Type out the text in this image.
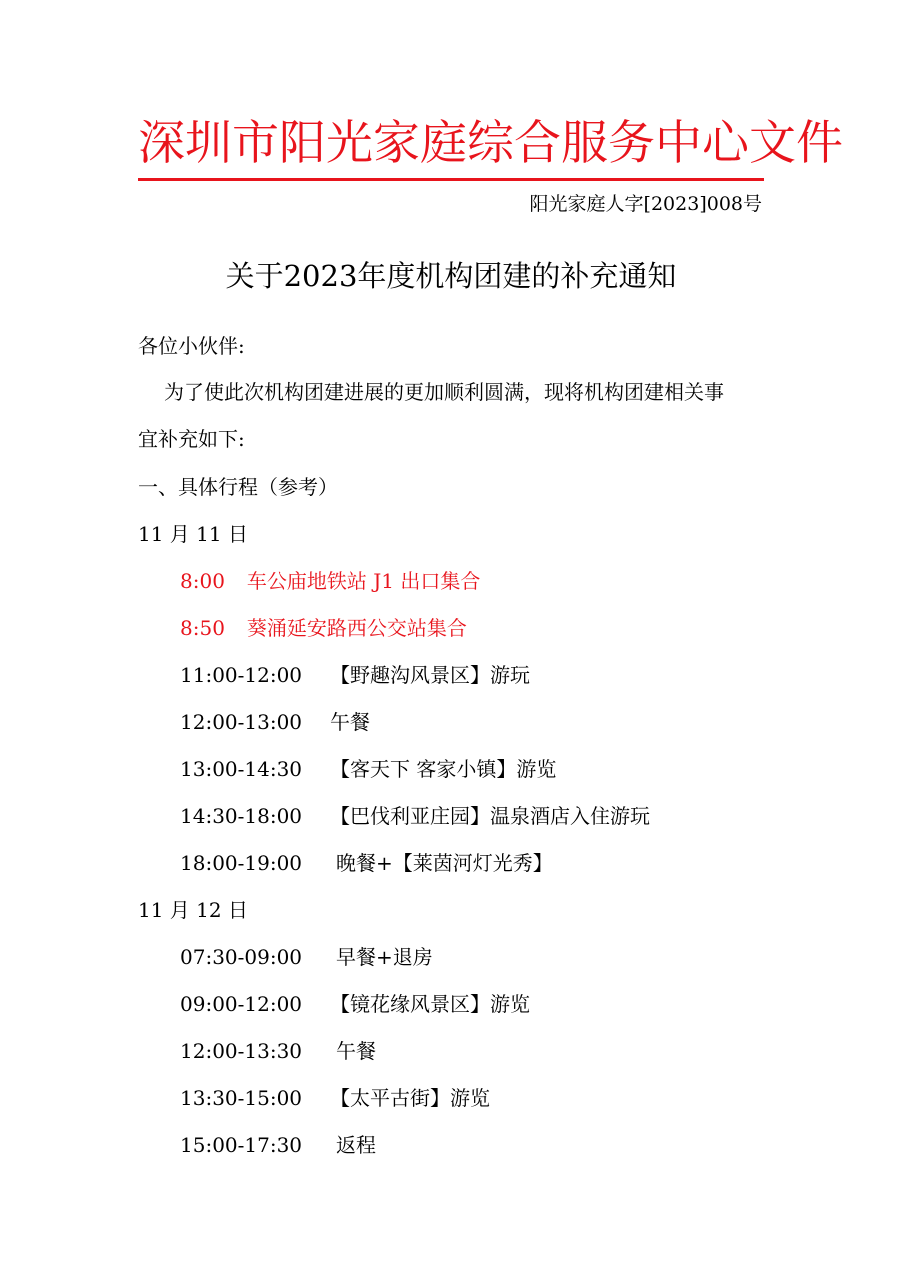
深圳市阳光家庭综合服务中心文件
阳光家庭人字[2023]008号
关于2023年度机构团建的补充通知
各位小伙伴:
为了使此次机构团建进展的更加顺利圆满，现将机构团建相关事
宜补充如下:
一、具体行程（参考）
11 月 11 日
8:00 车公庙地铁站 J1 出口集合
8:50 葵涌延安路西公交站集合
11:00-12:00 【野趣沟风景区】游玩
12:00-13:00 午餐
13:00-14:30 【客天下 客家小镇】游览
14:30-18:00 【巴伐利亚庄园】温泉酒店入住游玩
18:00-19:00 晚餐+【莱茵河灯光秀】
11 月 12 日
07:30-09:00 早餐+退房
09:00-12:00 【镜花缘风景区】游览
12:00-13:30 午餐
13:30-15:00 【太平古街】游览
15:00-17:30 返程
